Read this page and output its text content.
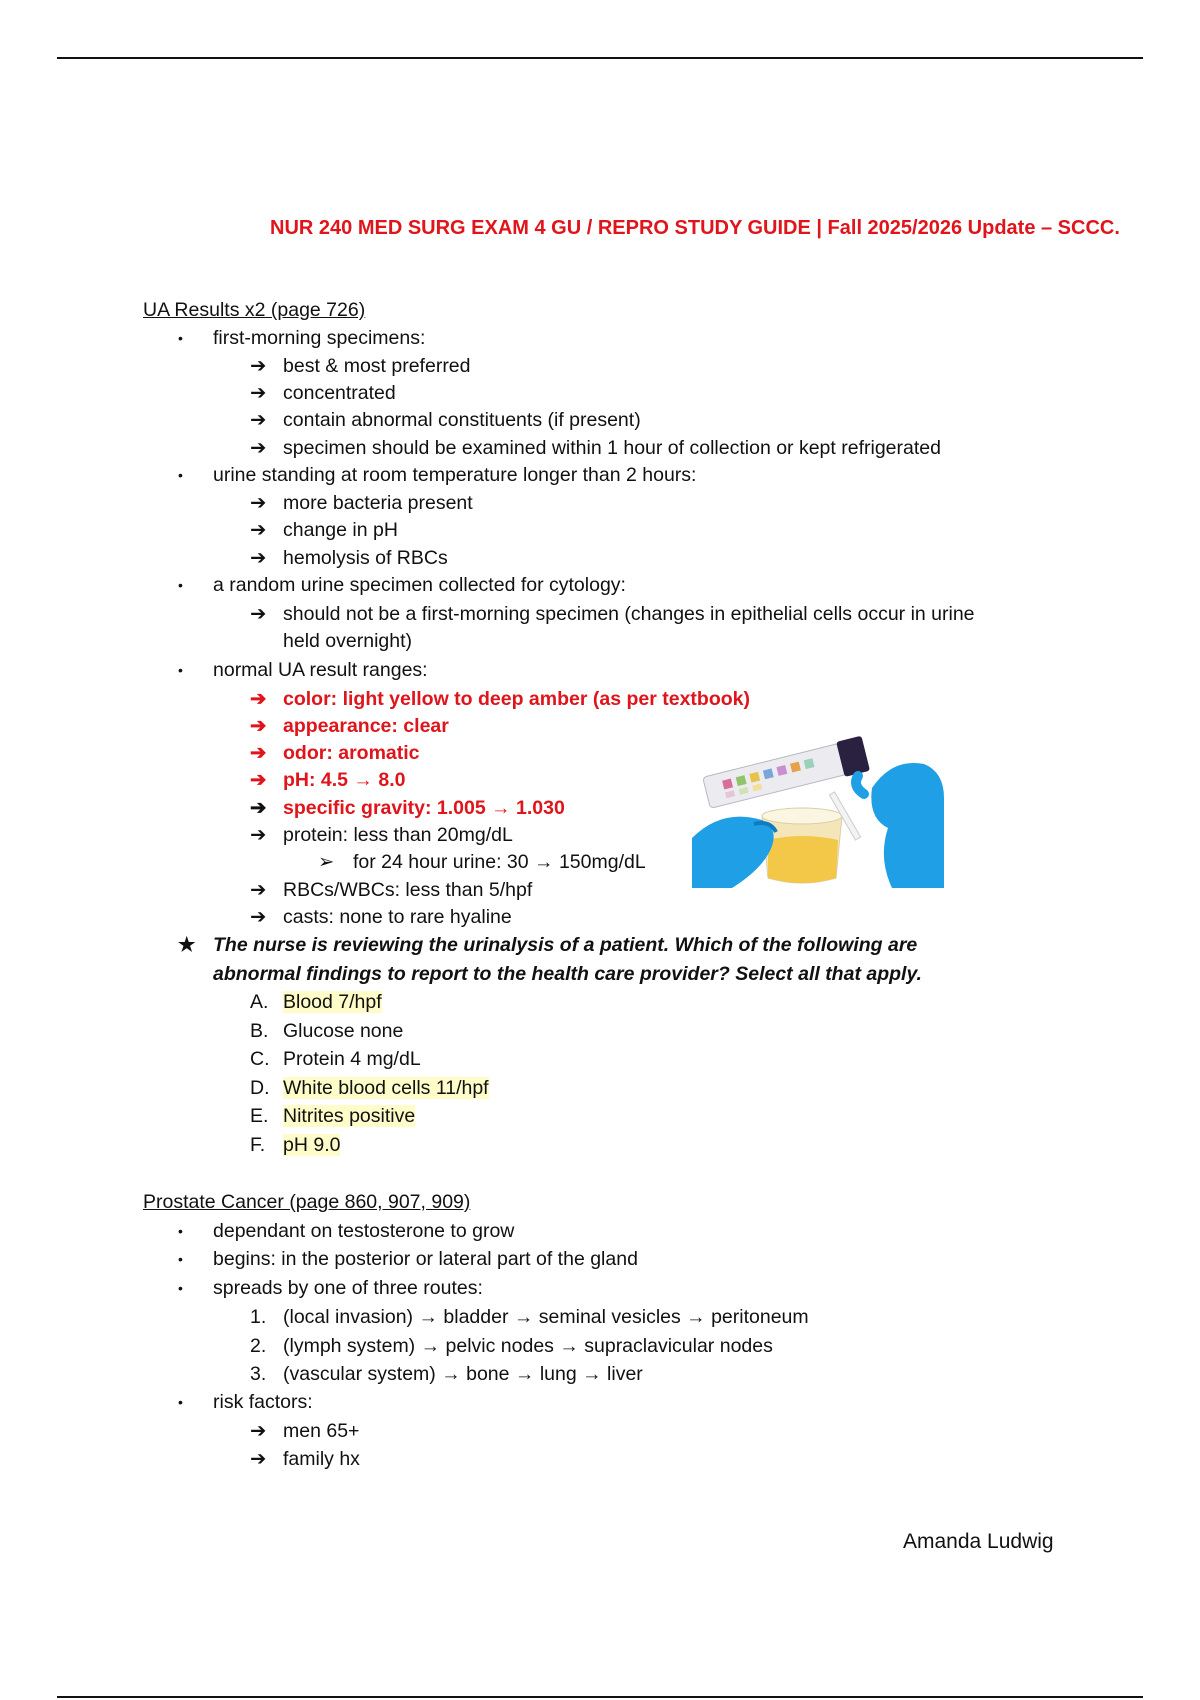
NUR 240 MED SURG EXAM 4 GU / REPRO STUDY GUIDE | Fall 2025/2026 Update – SCCC.
UA Results x2 (page 726)
• first-morning specimens:
➔ best & most preferred
➔ concentrated
➔ contain abnormal constituents (if present)
➔ specimen should be examined within 1 hour of collection or kept refrigerated
• urine standing at room temperature longer than 2 hours:
➔ more bacteria present
➔ change in pH
➔ hemolysis of RBCs
• a random urine specimen collected for cytology:
➔ should not be a first-morning specimen (changes in epithelial cells occur in urine
held overnight)
• normal UA result ranges:
➔ color: light yellow to deep amber (as per textbook)
➔ appearance: clear
➔ odor: aromatic
➔ pH: 4.5 → 8.0
➔ specific gravity: 1.005 → 1.030
➔ protein: less than 20mg/dL
➢ for 24 hour urine: 30 → 150mg/dL
➔ RBCs/WBCs: less than 5/hpf
➔ casts: none to rare hyaline
★ The nurse is reviewing the urinalysis of a patient. Which of the following are
abnormal findings to report to the health care provider? Select all that apply.
A. Blood 7/hpf
B. Glucose none
C. Protein 4 mg/dL
D. White blood cells 11/hpf
E. Nitrites positive
F. pH 9.0
Prostate Cancer (page 860, 907, 909)
• dependant on testosterone to grow
• begins: in the posterior or lateral part of the gland
• spreads by one of three routes:
1. (local invasion) → bladder → seminal vesicles → peritoneum
2. (lymph system) → pelvic nodes → supraclavicular nodes
3. (vascular system) → bone → lung → liver
• risk factors:
➔ men 65+
➔ family hx
Amanda Ludwig
